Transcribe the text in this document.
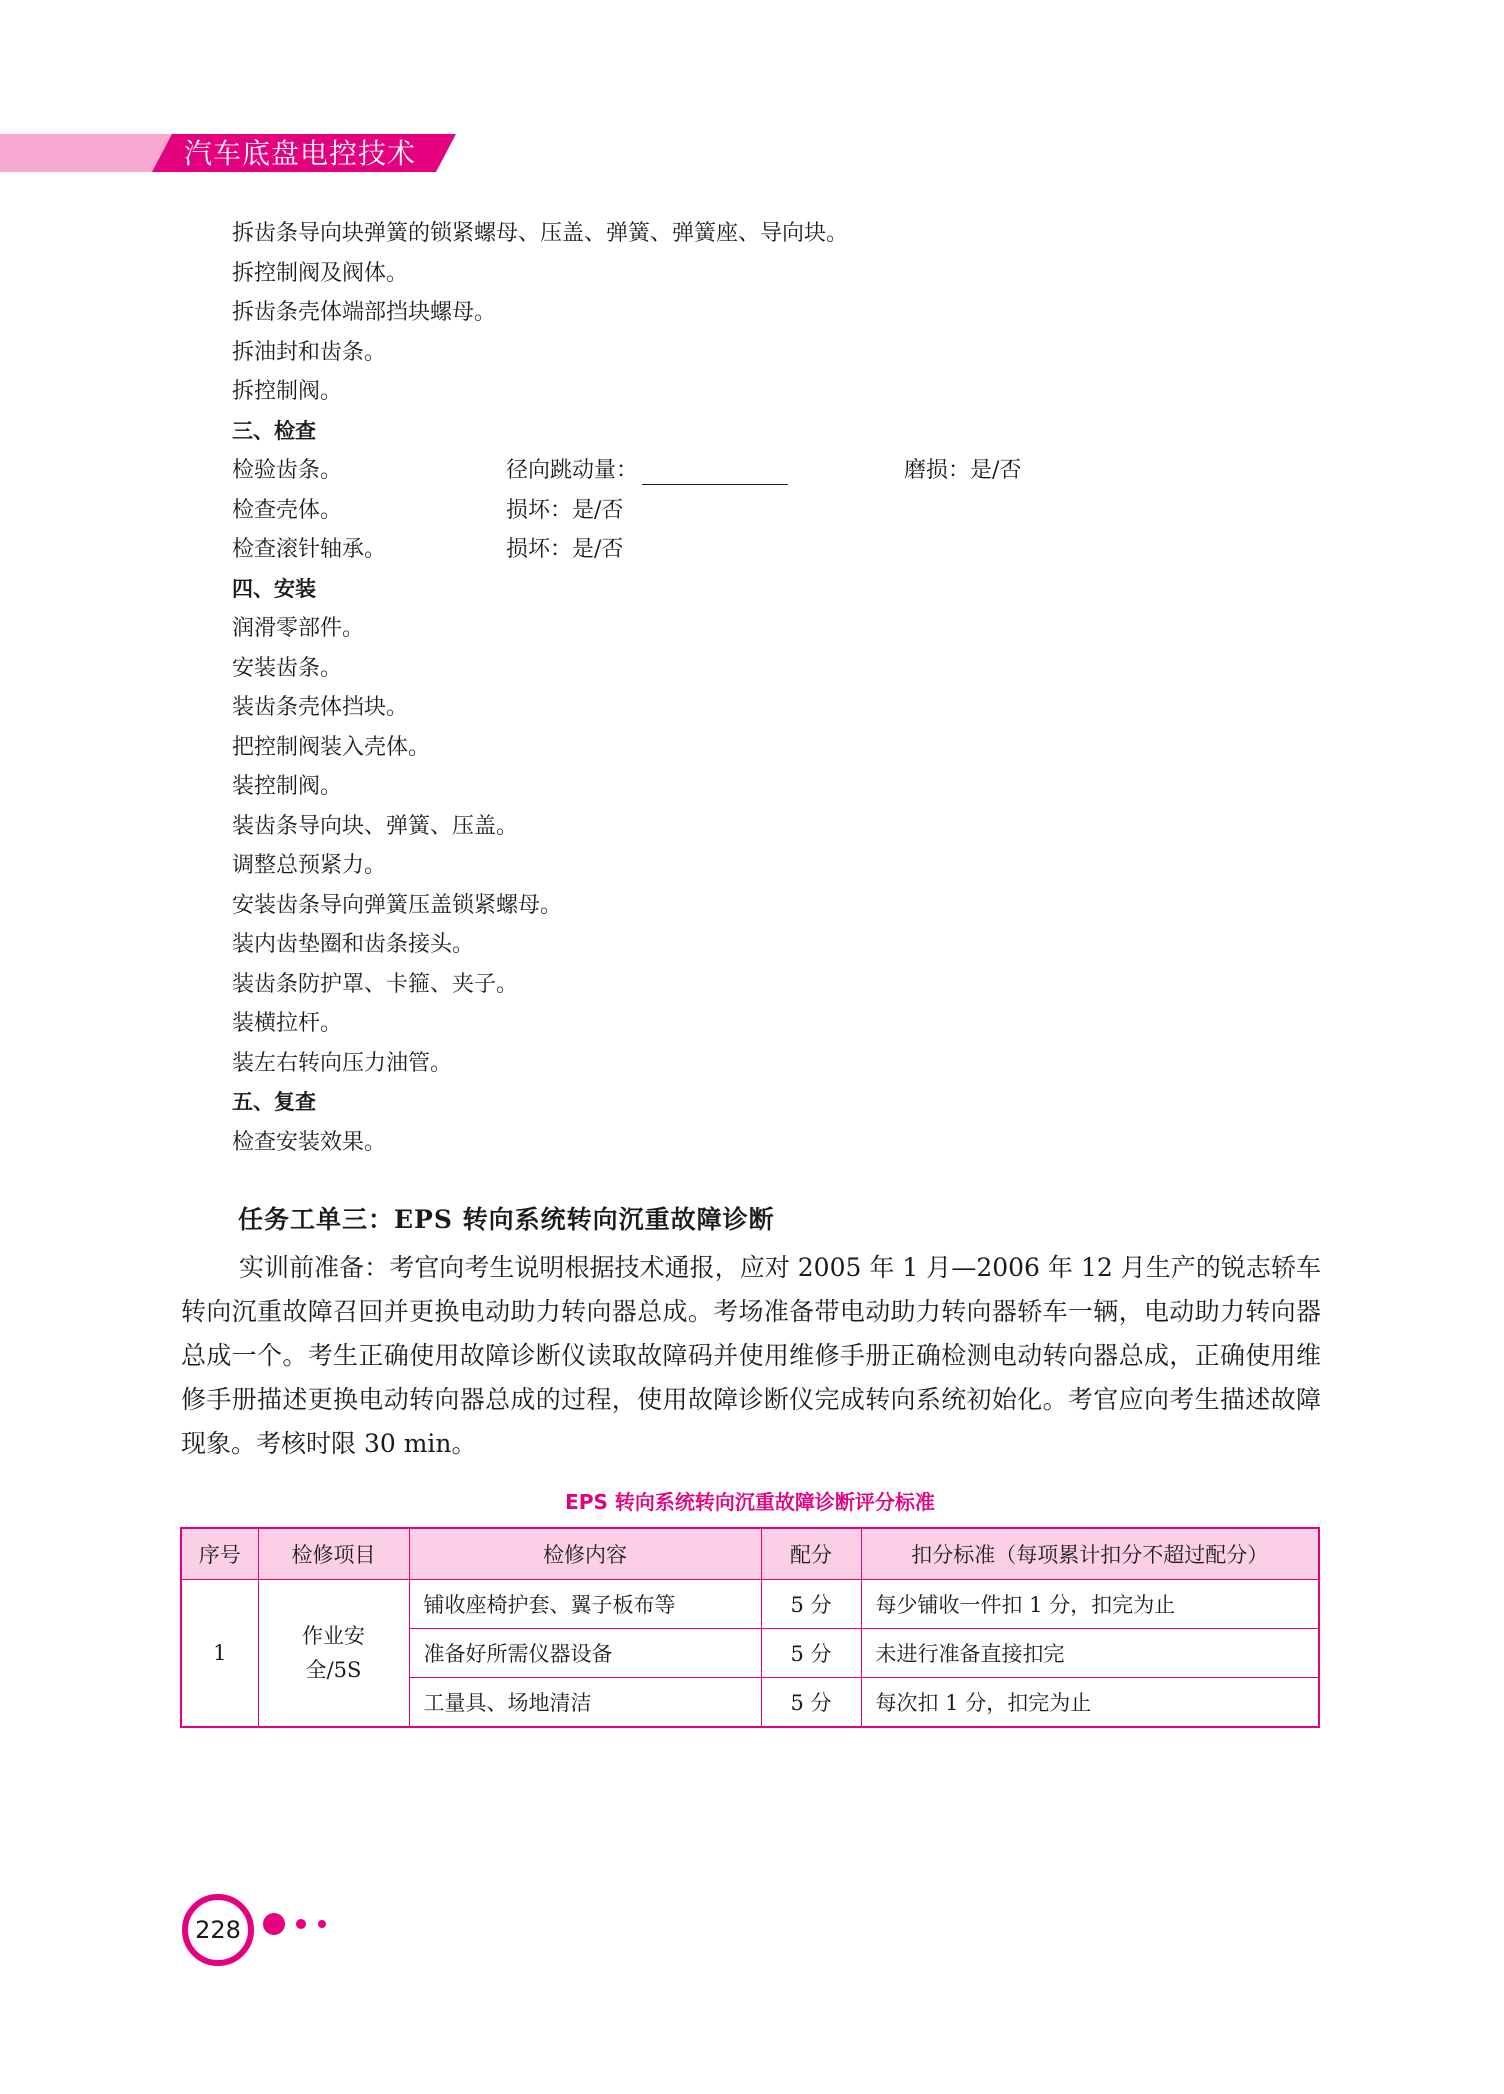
汽车底盘电控技术
拆齿条导向块弹簧的锁紧螺母、压盖、弹簧、弹簧座、导向块。
拆控制阀及阀体。
拆齿条壳体端部挡块螺母。
拆油封和齿条。
拆控制阀。
三、检查
检验齿条。	径向跳动量：	磨损：是/否
检查壳体。	损坏：是/否
检查滚针轴承。	损坏：是/否
四、安装
润滑零部件。
安装齿条。
装齿条壳体挡块。
把控制阀装入壳体。
装控制阀。
装齿条导向块、弹簧、压盖。
调整总预紧力。
安装齿条导向弹簧压盖锁紧螺母。
装内齿垫圈和齿条接头。
装齿条防护罩、卡箍、夹子。
装横拉杆。
装左右转向压力油管。
五、复查
检查安装效果。
任务工单三：EPS 转向系统转向沉重故障诊断
实训前准备：考官向考生说明根据技术通报，应对 2005 年 1 月—2006 年 12 月生产的锐志轿车转向沉重故障召回并更换电动助力转向器总成。考场准备带电动助力转向器轿车一辆，电动助力转向器总成一个。考生正确使用故障诊断仪读取故障码并使用维修手册正确检测电动转向器总成，正确使用维修手册描述更换电动转向器总成的过程，使用故障诊断仪完成转向系统初始化。考官应向考生描述故障现象。考核时限 30 min。
EPS 转向系统转向沉重故障诊断评分标准
序号	检修项目	检修内容	配分	扣分标准（每项累计扣分不超过配分）
1	作业安全/5S	铺收座椅护套、翼子板布等	5 分	每少铺收一件扣 1 分，扣完为止
		准备好所需仪器设备	5 分	未进行准备直接扣完
		工量具、场地清洁	5 分	每次扣 1 分，扣完为止
228
